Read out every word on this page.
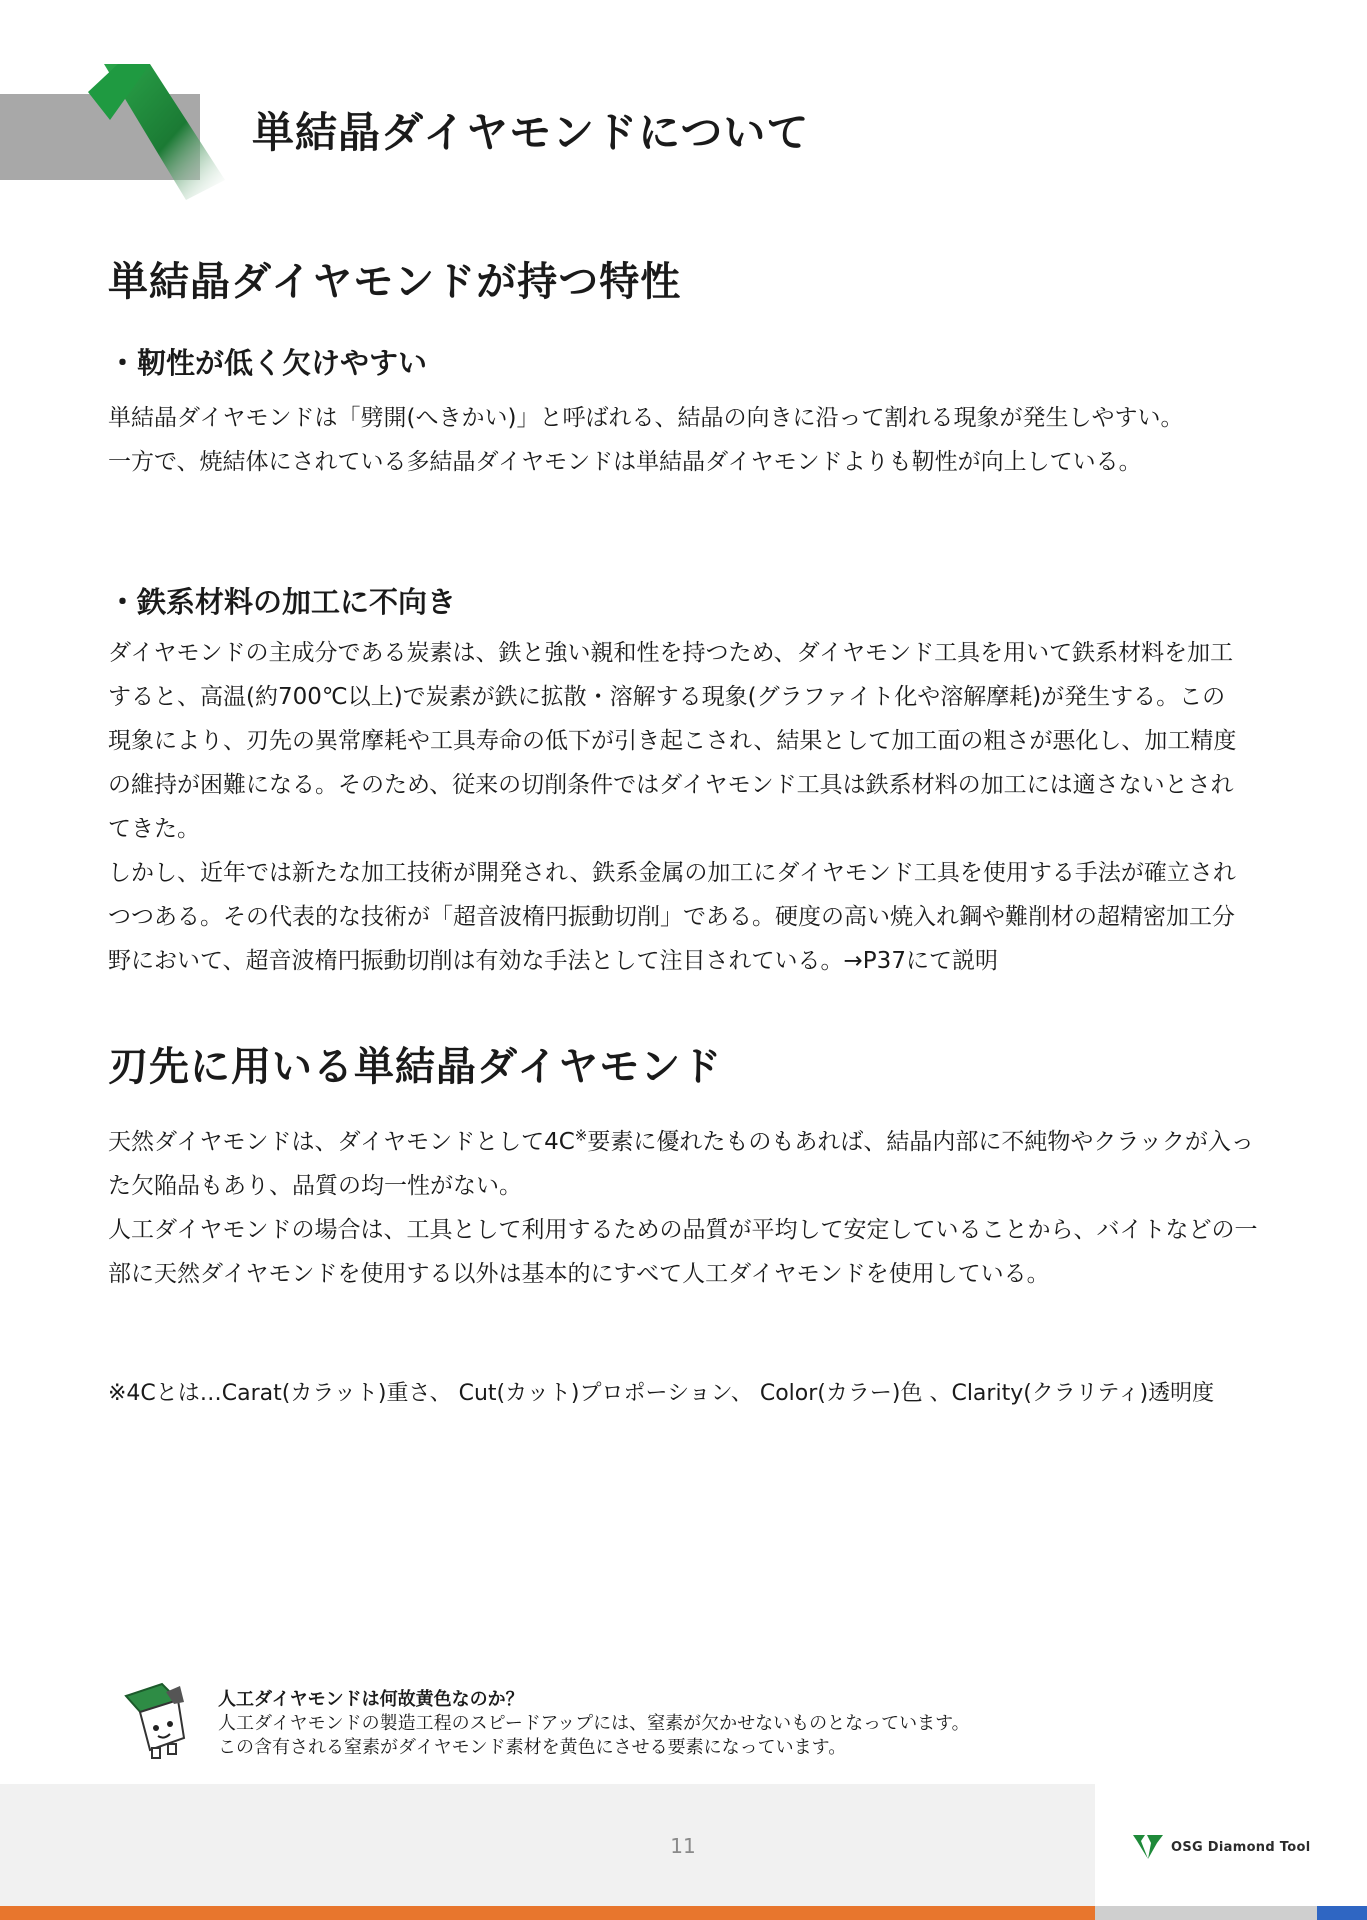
単結晶ダイヤモンドについて
単結晶ダイヤモンドが持つ特性
・靭性が低く欠けやすい

単結晶ダイヤモンドは「劈開(へきかい)」と呼ばれる、結晶の向きに沿って割れる現象が発生しやすい。

一方で、焼結体にされている多結晶ダイヤモンドは単結晶ダイヤモンドよりも靭性が向上している。

・鉄系材料の加工に不向き

ダイヤモンドの主成分である炭素は、鉄と強い親和性を持つため、ダイヤモンド工具を用いて鉄系材料を加工

すると、高温(約700℃以上)で炭素が鉄に拡散・溶解する現象(グラファイト化や溶解摩耗)が発生する。この

現象により、刃先の異常摩耗や工具寿命の低下が引き起こされ、結果として加工面の粗さが悪化し、加工精度

の維持が困難になる。そのため、従来の切削条件ではダイヤモンド工具は鉄系材料の加工には適さないとされ

てきた。

しかし、近年では新たな加工技術が開発され、鉄系金属の加工にダイヤモンド工具を使用する手法が確立され

つつある。その代表的な技術が「超音波楕円振動切削」である。硬度の高い焼入れ鋼や難削材の超精密加工分

野において、超音波楕円振動切削は有効な手法として注目されている。→P37にて説明

刃先に用いる単結晶ダイヤモンド

天然ダイヤモンドは、ダイヤモンドとして4C※要素に優れたものもあれば、結晶内部に不純物やクラックが入っ

た欠陥品もあり、品質の均一性がない。

人工ダイヤモンドの場合は、工具として利用するための品質が平均して安定していることから、バイトなどの一

部に天然ダイヤモンドを使用する以外は基本的にすべて人工ダイヤモンドを使用している。

※4Cとは…Carat(カラット)重さ、 Cut(カット)プロポーション、 Color(カラー)色 、Clarity(クラリティ)透明度
人工ダイヤモンドは何故黄色なのか？
人工ダイヤモンドの製造工程のスピードアップには、窒素が欠かせないものとなっています。
この含有される窒素がダイヤモンド素材を黄色にさせる要素になっています。
11	OSG Diamond Tool
